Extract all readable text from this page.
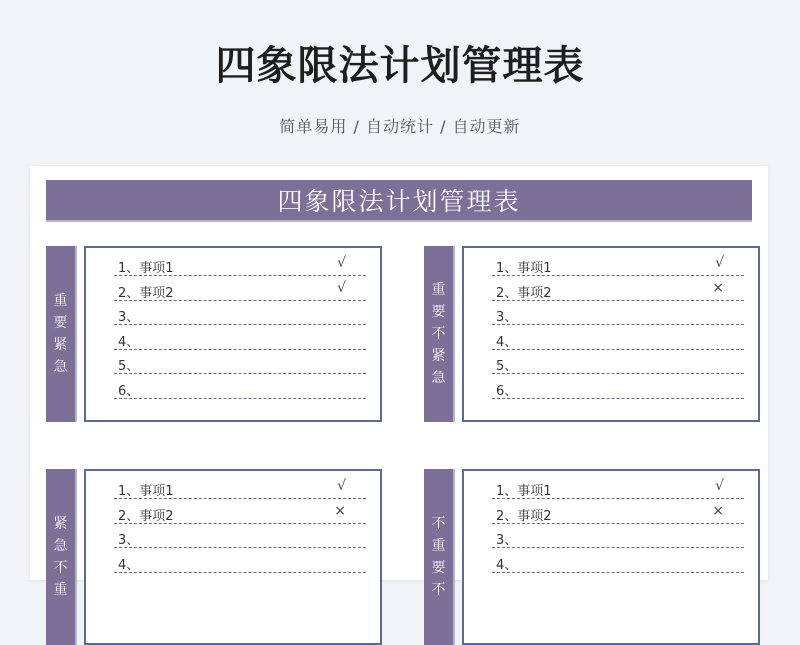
四象限法计划管理表
简单易用 / 自动统计 / 自动更新
四象限法计划管理表
重
要
紧
急
1、事项1	√
2、事项2	√
3、
4、
5、
6、
重
要
不
紧
急
1、事项1	√
2、事项2	×
3、
4、
5、
6、
紧
急
不
重
1、事项1	√
2、事项2	×
3、
4、
不
重
要
不
1、事项1	√
2、事项2	×
3、
4、
